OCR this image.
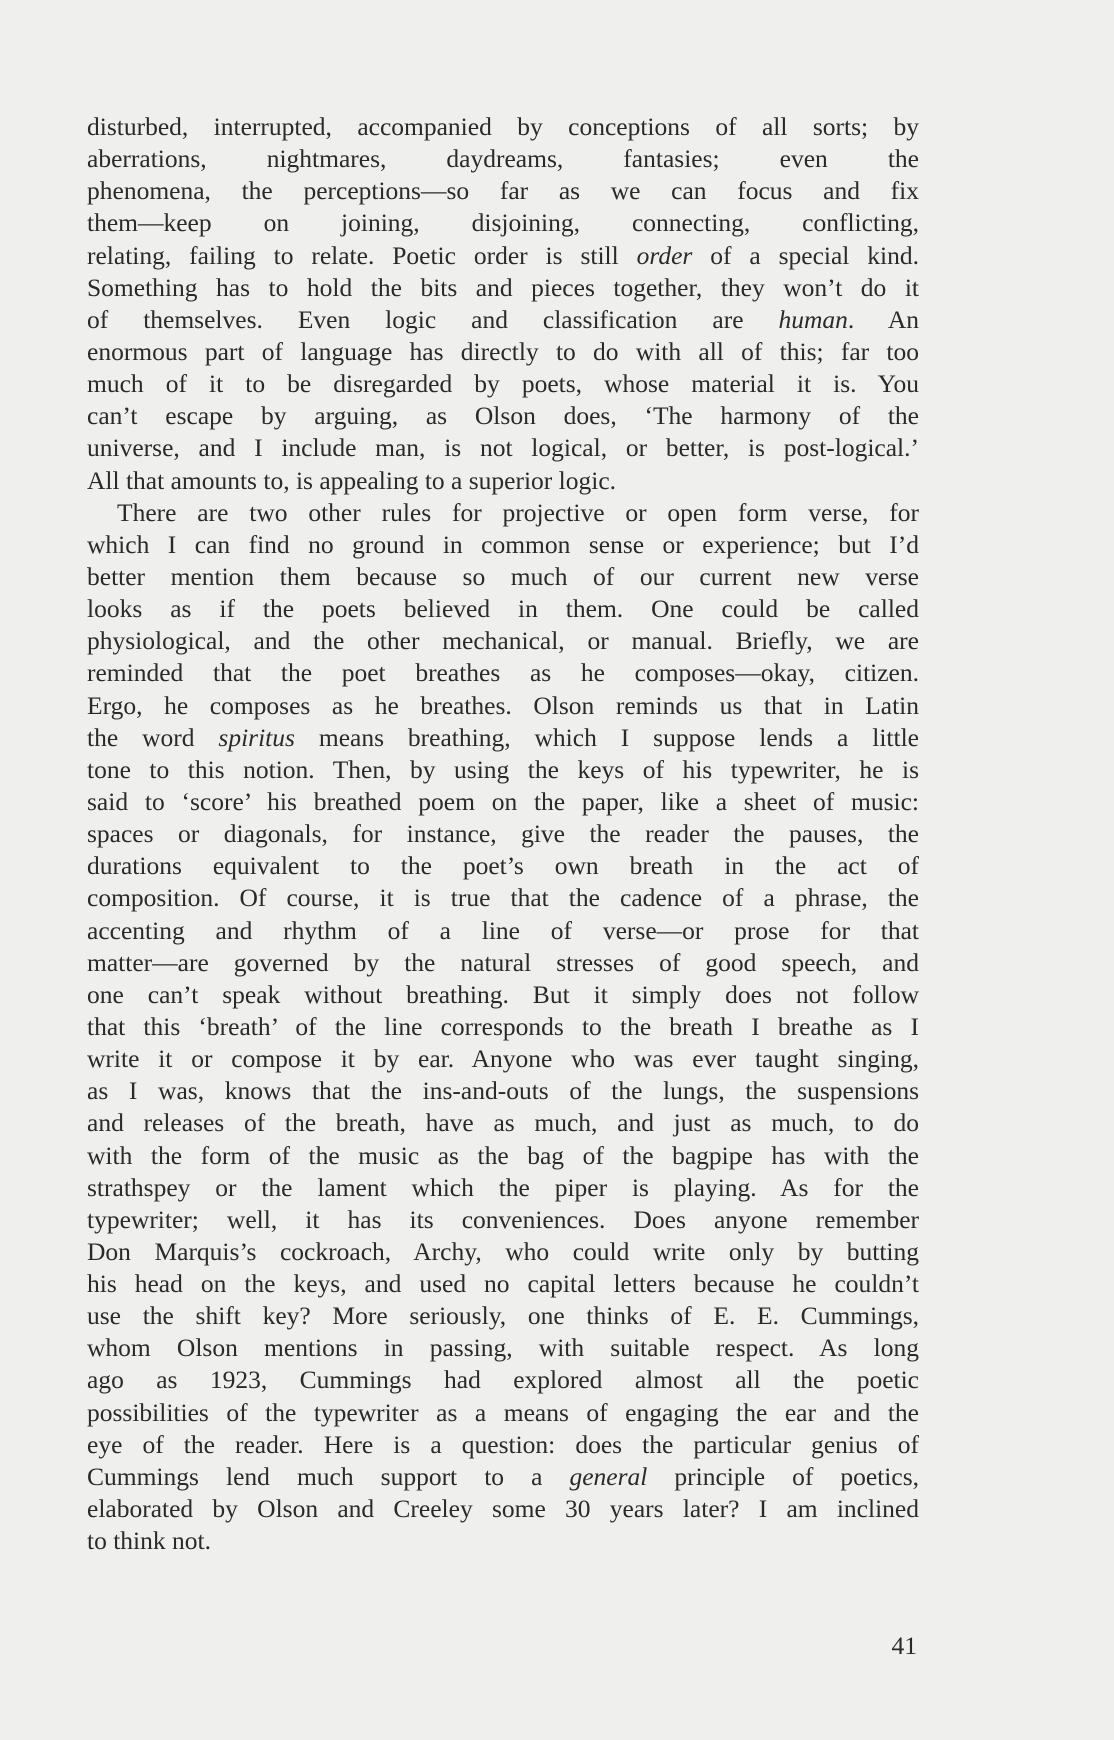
disturbed, interrupted, accompanied by conceptions of all sorts; by
aberrations, nightmares, daydreams, fantasies; even the
phenomena, the perceptions—so far as we can focus and fix
them—keep on joining, disjoining, connecting, conflicting,
relating, failing to relate. Poetic order is still order of a special kind.
Something has to hold the bits and pieces together, they won’t do it
of themselves. Even logic and classification are human. An
enormous part of language has directly to do with all of this; far too
much of it to be disregarded by poets, whose material it is. You
can’t escape by arguing, as Olson does, ‘The harmony of the
universe, and I include man, is not logical, or better, is post-logical.’
All that amounts to, is appealing to a superior logic.
There are two other rules for projective or open form verse, for
which I can find no ground in common sense or experience; but I’d
better mention them because so much of our current new verse
looks as if the poets believed in them. One could be called
physiological, and the other mechanical, or manual. Briefly, we are
reminded that the poet breathes as he composes—okay, citizen.
Ergo, he composes as he breathes. Olson reminds us that in Latin
the word spiritus means breathing, which I suppose lends a little
tone to this notion. Then, by using the keys of his typewriter, he is
said to ‘score’ his breathed poem on the paper, like a sheet of music:
spaces or diagonals, for instance, give the reader the pauses, the
durations equivalent to the poet’s own breath in the act of
composition. Of course, it is true that the cadence of a phrase, the
accenting and rhythm of a line of verse—or prose for that
matter—are governed by the natural stresses of good speech, and
one can’t speak without breathing. But it simply does not follow
that this ‘breath’ of the line corresponds to the breath I breathe as I
write it or compose it by ear. Anyone who was ever taught singing,
as I was, knows that the ins-and-outs of the lungs, the suspensions
and releases of the breath, have as much, and just as much, to do
with the form of the music as the bag of the bagpipe has with the
strathspey or the lament which the piper is playing. As for the
typewriter; well, it has its conveniences. Does anyone remember
Don Marquis’s cockroach, Archy, who could write only by butting
his head on the keys, and used no capital letters because he couldn’t
use the shift key? More seriously, one thinks of E. E. Cummings,
whom Olson mentions in passing, with suitable respect. As long
ago as 1923, Cummings had explored almost all the poetic
possibilities of the typewriter as a means of engaging the ear and the
eye of the reader. Here is a question: does the particular genius of
Cummings lend much support to a general principle of poetics,
elaborated by Olson and Creeley some 30 years later? I am inclined
to think not.
41
